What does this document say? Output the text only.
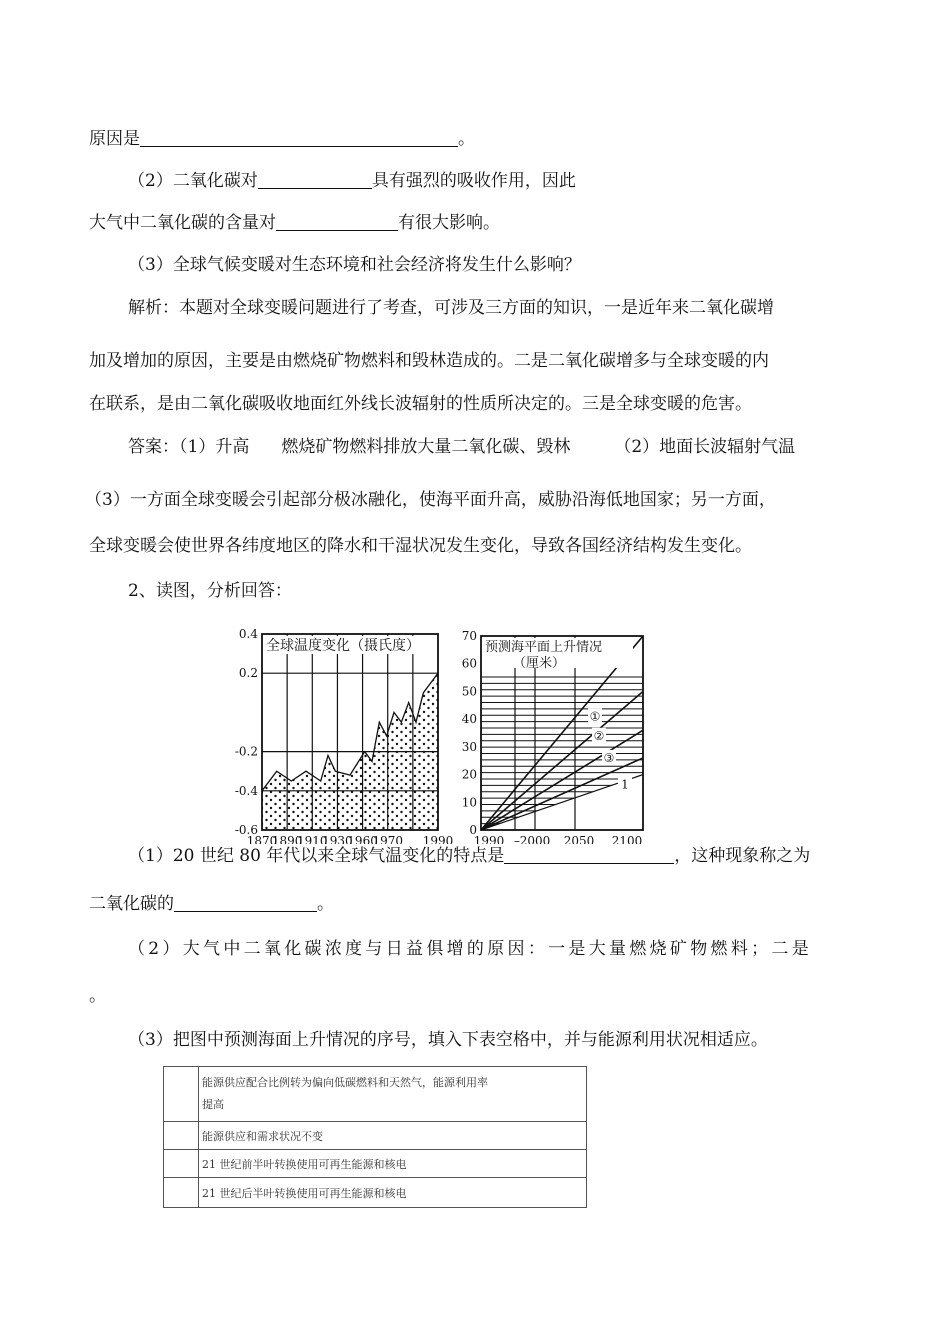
原因是	。
（2）二氧化碳对	具有强烈的吸收作用，因此
大气中二氧化碳的含量对	有很大影响。
（3）全球气候变暖对生态环境和社会经济将发生什么影响？
解析：本题对全球变暖问题进行了考查，可涉及三方面的知识，一是近年来二氧化碳增
加及增加的原因，主要是由燃烧矿物燃料和毁林造成的。二是二氧化碳增多与全球变暖的内
在联系，是由二氧化碳吸收地面红外线长波辐射的性质所决定的。三是全球变暖的危害。
答案：（1）升高 燃烧矿物燃料排放大量二氧化碳、毁林	（2）地面长波辐射气温
（3）一方面全球变暖会引起部分极冰融化，使海平面升高，威胁沿海低地国家；另一方面，
全球变暖会使世界各纬度地区的降水和干湿状况发生变化，导致各国经济结构发生变化。
2、读图，分析回答：
全球温度变化（摄氏度）
0.4
0.2
-0.2
-0.4
-0.6
1870
1890
1910
1930
1960
1970 1990
①
②
③
1
预测海平面上升情况
（厘米）
0
10
20
30
40
50
60
70
1990 2000 2050 2100
–
（1）20 世纪 80 年代以来全球气温变化的特点是	，这种现象称之为
二氧化碳的	。
（2）大气中二氧化碳浓度与日益俱增的原因：一是大量燃烧矿物燃料；二是
。
（3）把图中预测海面上升情况的序号，填入下表空格中，并与能源利用状况相适应。

	能源供应配合比例转为偏向低碳燃料和天然气，能源利用率
提高

	能源供应和需求状况不变
	21 世纪前半叶转换使用可再生能源和核电
	21 世纪后半叶转换使用可再生能源和核电
